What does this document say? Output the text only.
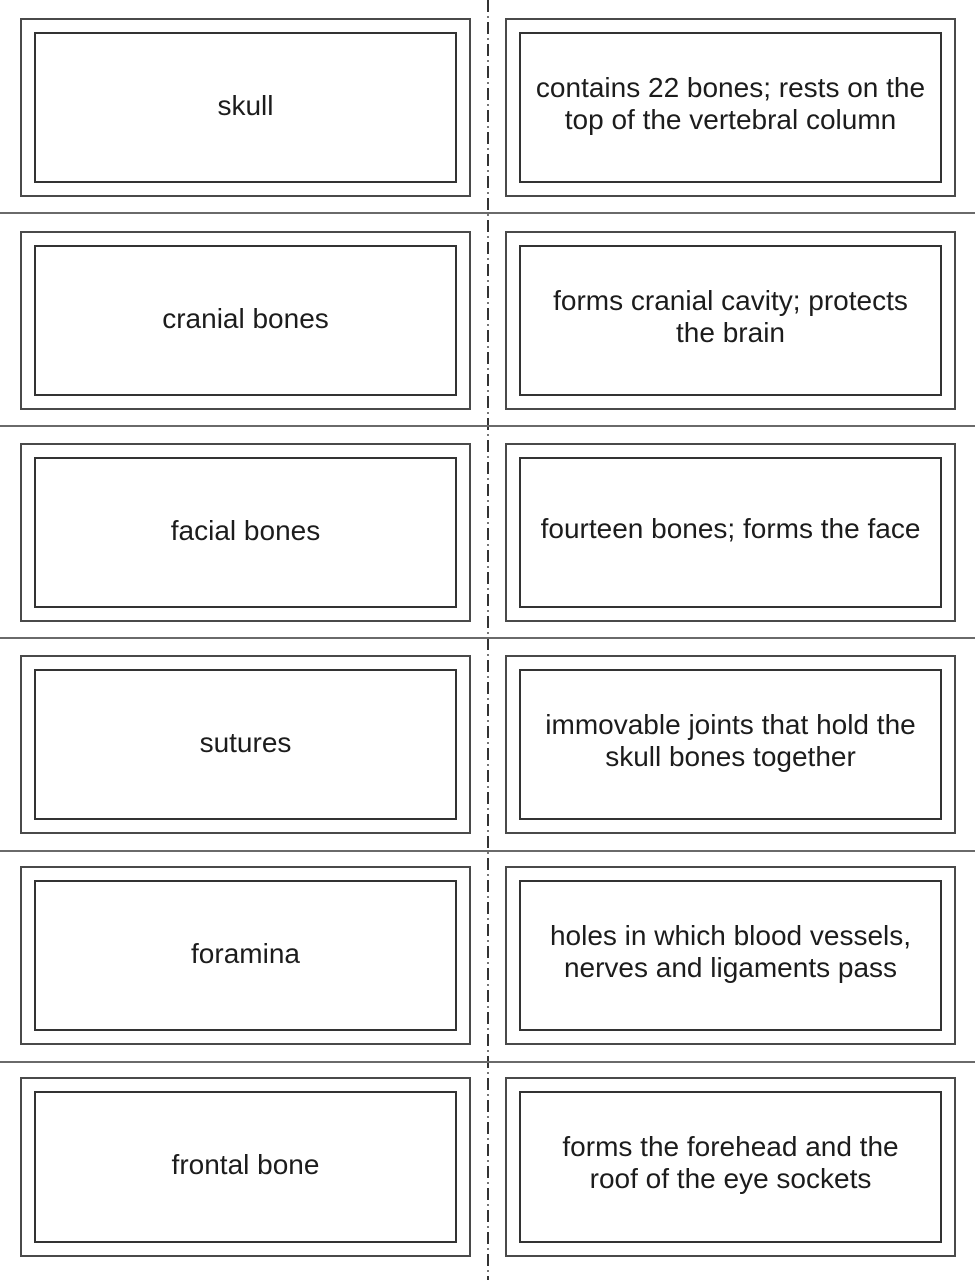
skull
contains 22 bones; rests on the top of the vertebral column
cranial bones
forms cranial cavity; protects the brain
facial bones	fourteen bones; forms the face
sutures
immovable joints that hold the skull bones together
foramina
holes in which blood vessels, nerves and ligaments pass
frontal bone
forms the forehead and the roof of the eye sockets
